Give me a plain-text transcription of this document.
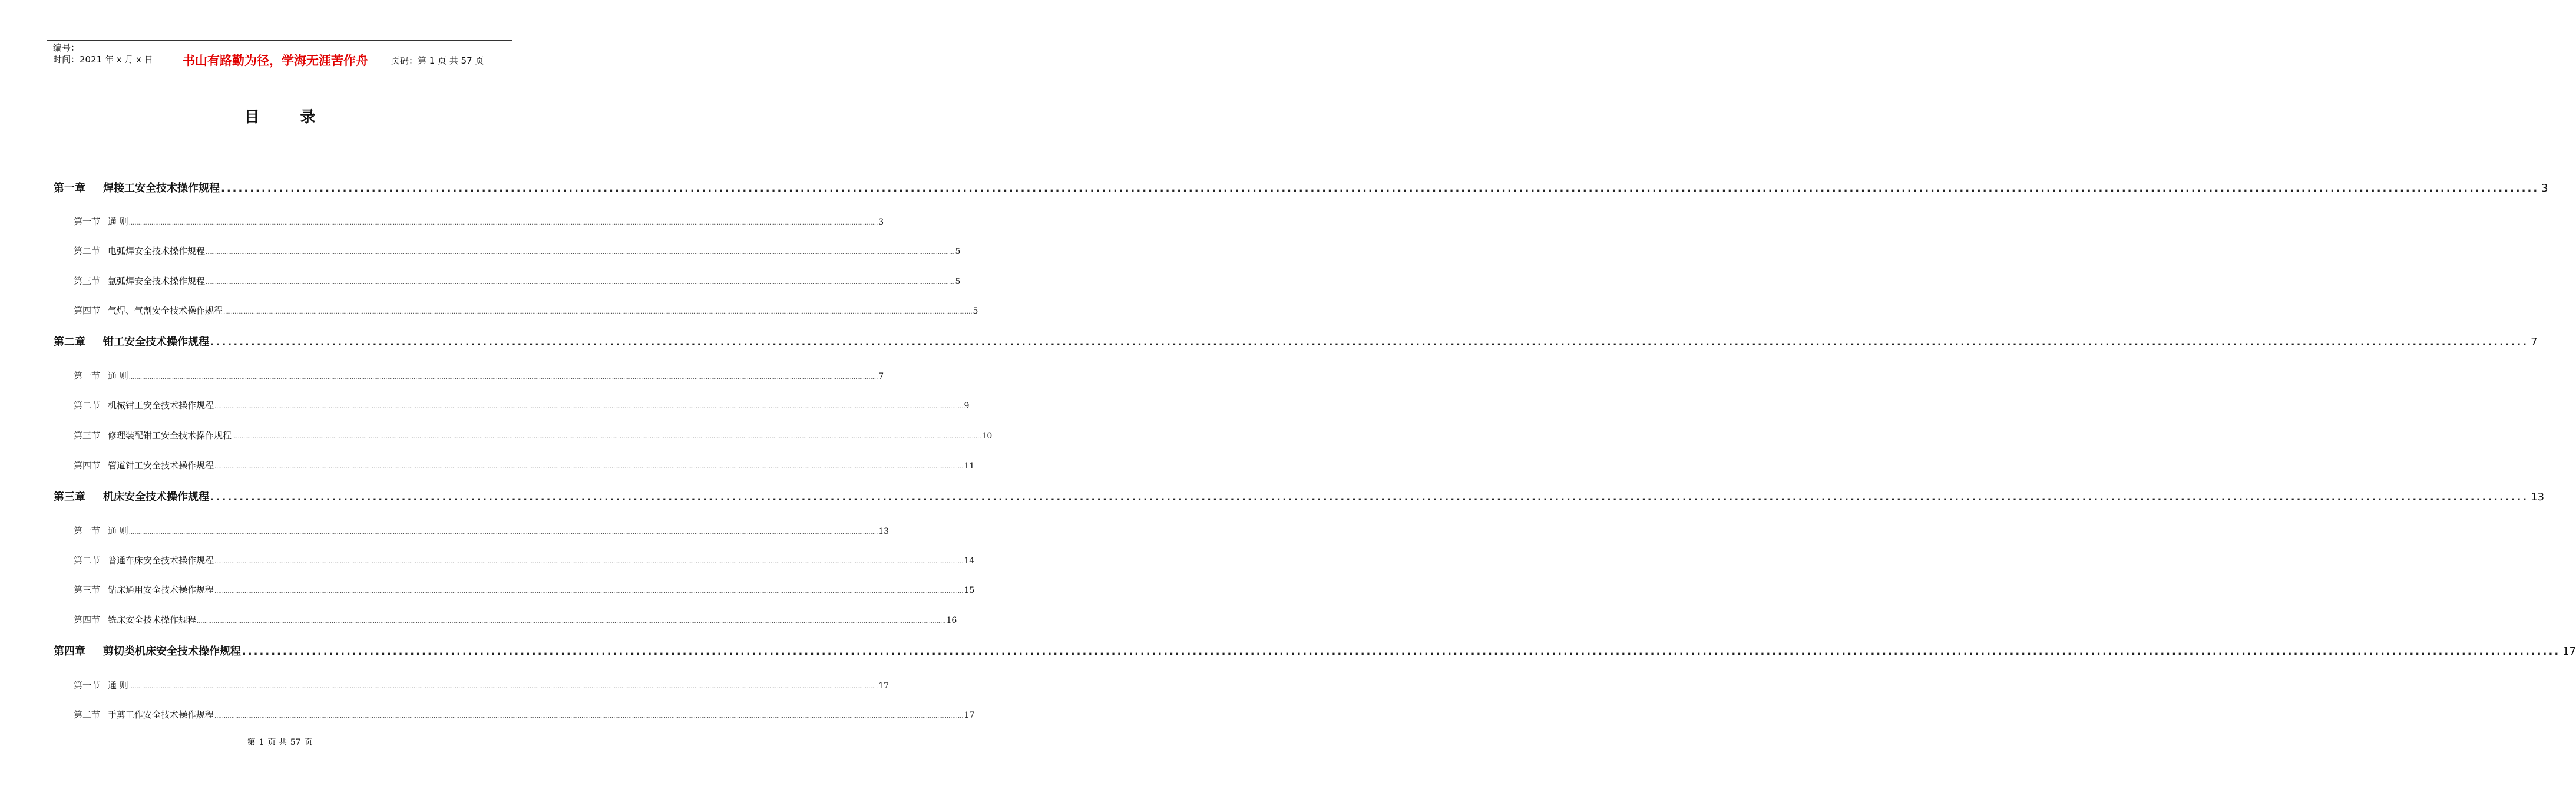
编号：
时间：2021 年 x 月 x 日	书山有路勤为径，学海无涯苦作舟	页码：第 1 页 共 57 页
目 录
第一章	焊接工安全技术操作规程 ................................................................................................................................................................................................................................................................................................................................................................................................................ 3
第一节 通 则 ................................................................................................................................................................................................................................................................................................................................................................................................................ 3
第二节 电弧焊安全技术操作规程 ................................................................................................................................................................................................................................................................................................................................................................................................................ 5
第三节 氩弧焊安全技术操作规程 ................................................................................................................................................................................................................................................................................................................................................................................................................ 5
第四节 气焊、气割安全技术操作规程 ................................................................................................................................................................................................................................................................................................................................................................................................................ 5
第二章	钳工安全技术操作规程 ................................................................................................................................................................................................................................................................................................................................................................................................................ 7
第一节 通 则 ................................................................................................................................................................................................................................................................................................................................................................................................................ 7
第二节 机械钳工安全技术操作规程 ................................................................................................................................................................................................................................................................................................................................................................................................................ 9
第三节 修理装配钳工安全技术操作规程 ................................................................................................................................................................................................................................................................................................................................................................................................................ 10
第四节 管道钳工安全技术操作规程 ................................................................................................................................................................................................................................................................................................................................................................................................................ 11
第三章	机床安全技术操作规程 ................................................................................................................................................................................................................................................................................................................................................................................................................ 13
第一节 通 则 ................................................................................................................................................................................................................................................................................................................................................................................................................ 13
第二节 普通车床安全技术操作规程 ................................................................................................................................................................................................................................................................................................................................................................................................................ 14
第三节 钻床通用安全技术操作规程 ................................................................................................................................................................................................................................................................................................................................................................................................................ 15
第四节 铣床安全技术操作规程 ................................................................................................................................................................................................................................................................................................................................................................................................................ 16
第四章	剪切类机床安全技术操作规程 ................................................................................................................................................................................................................................................................................................................................................................................................................ 17
第一节 通 则 ................................................................................................................................................................................................................................................................................................................................................................................................................ 17
第二节 手剪工作安全技术操作规程 ................................................................................................................................................................................................................................................................................................................................................................................................................ 17
第 1 页 共 57 页
